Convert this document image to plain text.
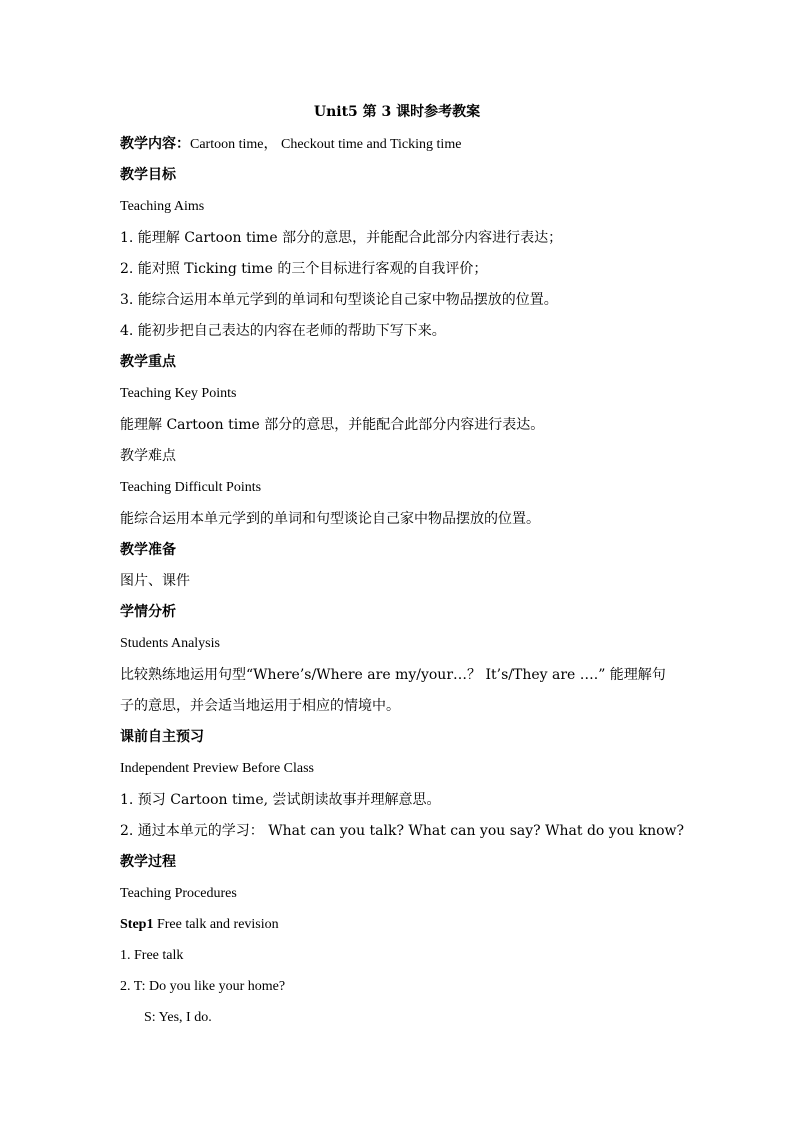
Unit5 第 3 课时参考教案
教学内容：Cartoon time， Checkout time and Ticking time
教学目标
Teaching Aims
1. 能理解 Cartoon time 部分的意思，并能配合此部分内容进行表达；
2. 能对照 Ticking time 的三个目标进行客观的自我评价；
3. 能综合运用本单元学到的单词和句型谈论自己家中物品摆放的位置。
4. 能初步把自己表达的内容在老师的帮助下写下来。
教学重点
Teaching Key Points
能理解 Cartoon time 部分的意思，并能配合此部分内容进行表达。
教学难点
Teaching Difficult Points
能综合运用本单元学到的单词和句型谈论自己家中物品摆放的位置。
教学准备
图片、课件
学情分析
Students Analysis
比较熟练地运用句型“Where’s/Where are my/your…？ It’s/They are ….” 能理解句
子的意思，并会适当地运用于相应的情境中。
课前自主预习
Independent Preview Before Class
1. 预习 Cartoon time, 尝试朗读故事并理解意思。
2. 通过本单元的学习： What can you talk? What can you say? What do you know?
教学过程
Teaching Procedures
Step1 Free talk and revision
1. Free talk
2. T: Do you like your home?
S: Yes, I do.
